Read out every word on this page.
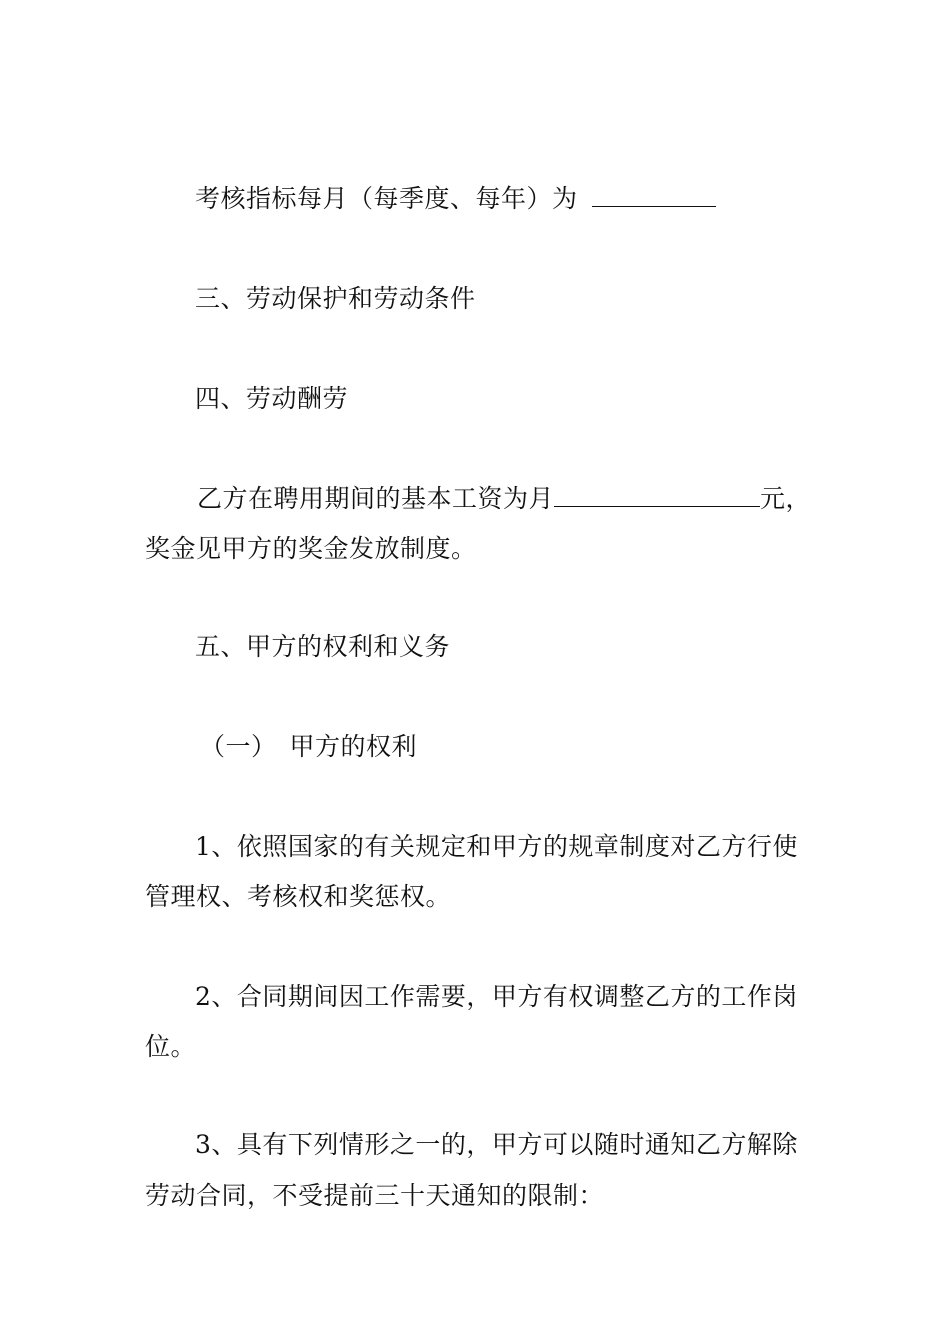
考核指标每月（每季度、每年）为
三、劳动保护和劳动条件
四、劳动酬劳
乙方在聘用期间的基本工资为月	元，
奖金见甲方的奖金发放制度。
五、甲方的权利和义务
（一）　甲方的权利
1、依照国家的有关规定和甲方的规章制度对乙方行使
管理权、考核权和奖惩权。
2、合同期间因工作需要，甲方有权调整乙方的工作岗
位。
3、具有下列情形之一的，甲方可以随时通知乙方解除
劳动合同，不受提前三十天通知的限制：
